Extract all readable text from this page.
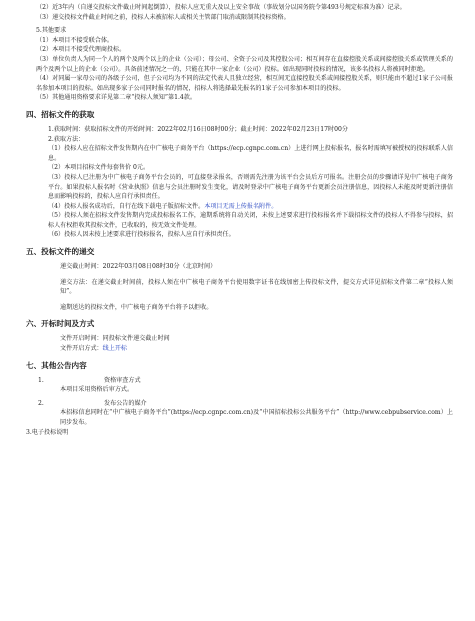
（2）近3年内（自递交投标文件截止时间起倒算），投标人应无重大及以上安全事故（事故划分以国务院令第493号规定标准为准）记录。

（3）递交投标文件截止时间之前，投标人未被招标人或相关主管部门取消或限制其投标资格。

5.其他要求

（1）本项目不接受联合体。

（2）本项目不接受代理商投标。

（3）单位负责人为同一个人的两个及两个以上的企业（公司）；母公司、全资子公司及其控股公司；相互间存在直接控股关系或间接控股关系或管理关系的两个及两个以上的企业（公司）。具备前述情况之一的，只能在其中一家企业（公司）投标。如出现同时投标的情况，该多名投标人将被同时拒绝。

（4）对同属一家母公司的各级子公司，但子公司均为不同的法定代表人且独立经营，相互间无直接控股关系或间接控股关系，则只能由不超过1家子公司报名参加本项目的投标。如出现多家子公司同时报名的情况，招标人将选择最先报名的1家子公司参加本项目的投标。

（5）其他通用资格要求详见第二章“投标人须知”第1.4款。

四、招标文件的获取

1.获取时间：获取招标文件的开始时间：2022年02月16日08时00分；截止时间：2022年02月23日17时00分

2.获取方法：

（1）投标人应在招标文件发售期内在中广核电子商务平台（https://ecp.cgnpc.com.cn）上进行网上投标报名，报名时需填写被授权的投标联系人信息。

（2）本项目招标文件每套售价 0元。

（3）投标人已注册为中广核电子商务平台会员的，可直接登录报名，否则需先注册为该平台会员后方可报名。注册会员的步骤请详见中广核电子商务平台。如果投标人报名时《营业执照》信息与会员注册时发生变化，请及时登录中广核电子商务平台更新会员注册信息，因投标人未能及时更新注册信息而影响投标的，投标人应自行承担责任。

（4）投标人报名成功后，自行在线下载电子版招标文件。本项目无需上传报名附件。

（5）投标人须在招标文件发售期内完成投标报名工作，逾期系统将自动关闭，未按上述要求进行投标报名并下载招标文件的投标人不得参与投标，招标人有权拒收其投标文件，已收取的，按无效文件处理。

（6）投标人因未按上述要求进行投标报名，投标人应自行承担责任。

五、投标文件的递交

递交截止时间：2022年03月08日08时30分（北京时间）

递交方法：在递交截止时间前，投标人须在中广核电子商务平台使用数字证书在线加密上传投标文件，提交方式详见招标文件第二章“投标人须知”。

逾期送达的投标文件，中广核电子商务平台将予以拒收。

六、开标时间及方式

文件开启时间：同投标文件递交截止时间

文件开启方式：线上开标

七、其他公告内容

1.	资格审查方式

本项目采用资格后审方式。

2.	发布公告的媒介

本招标信息同时在“中广核电子商务平台”(https://ecp.cgnpc.com.cn)及“中国招标投标公共服务平台”（http://www.cebpubservice.com）上同步发布。

3.电子投标说明
